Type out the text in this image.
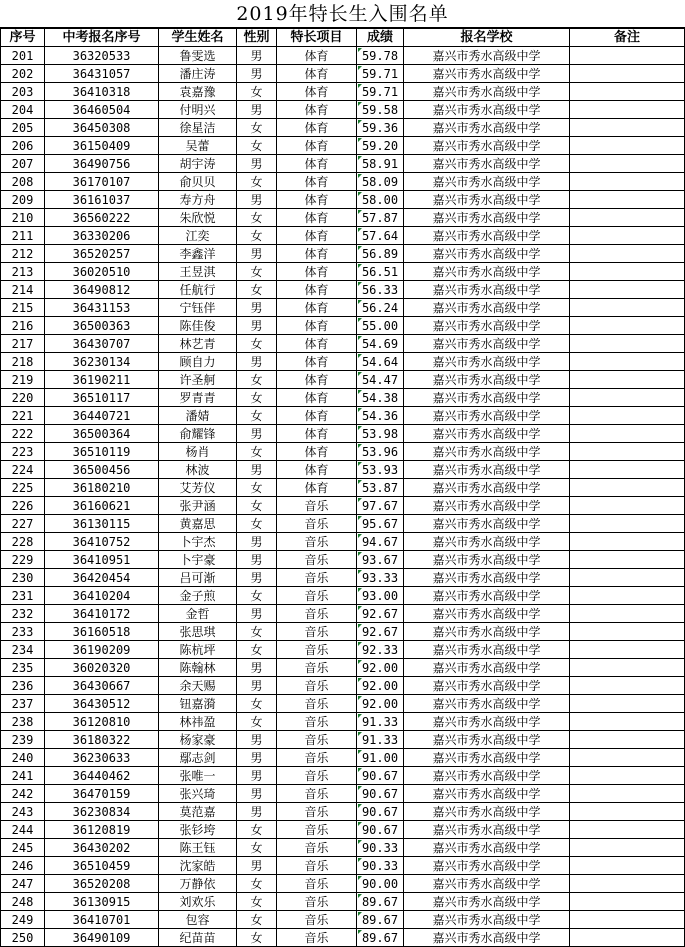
2019年特长生入围名单
序号	中考报名序号	学生姓名	性别	特长项目	成绩	报名学校	备注
201	36320533	鲁雯选	男	体育	59.78	嘉兴市秀水高级中学	
202	36431057	潘庄涛	男	体育	59.71	嘉兴市秀水高级中学	
203	36410318	袁嘉豫	女	体育	59.71	嘉兴市秀水高级中学	
204	36460504	付明兴	男	体育	59.58	嘉兴市秀水高级中学	
205	36450308	徐星洁	女	体育	59.36	嘉兴市秀水高级中学	
206	36150409	吴蕾	女	体育	59.20	嘉兴市秀水高级中学	
207	36490756	胡宇涛	男	体育	58.91	嘉兴市秀水高级中学	
208	36170107	俞贝贝	女	体育	58.09	嘉兴市秀水高级中学	
209	36161037	寿方舟	男	体育	58.00	嘉兴市秀水高级中学	
210	36560222	朱欣悦	女	体育	57.87	嘉兴市秀水高级中学	
211	36330206	江奕	女	体育	57.64	嘉兴市秀水高级中学	
212	36520257	李鑫洋	男	体育	56.89	嘉兴市秀水高级中学	
213	36020510	王昱淇	女	体育	56.51	嘉兴市秀水高级中学	
214	36490812	任航行	女	体育	56.33	嘉兴市秀水高级中学	
215	36431153	宁钰伴	男	体育	56.24	嘉兴市秀水高级中学	
216	36500363	陈佳俊	男	体育	55.00	嘉兴市秀水高级中学	
217	36430707	林艺青	女	体育	54.69	嘉兴市秀水高级中学	
218	36230134	顾自力	男	体育	54.64	嘉兴市秀水高级中学	
219	36190211	许圣舸	女	体育	54.47	嘉兴市秀水高级中学	
220	36510117	罗青青	女	体育	54.38	嘉兴市秀水高级中学	
221	36440721	潘婧	女	体育	54.36	嘉兴市秀水高级中学	
222	36500364	俞耀锋	男	体育	53.98	嘉兴市秀水高级中学	
223	36510119	杨肖	女	体育	53.96	嘉兴市秀水高级中学	
224	36500456	林波	男	体育	53.93	嘉兴市秀水高级中学	
225	36180210	艾芳仪	女	体育	53.87	嘉兴市秀水高级中学	
226	36160621	张尹涵	女	音乐	97.67	嘉兴市秀水高级中学	
227	36130115	黄嘉思	女	音乐	95.67	嘉兴市秀水高级中学	
228	36410752	卜宇杰	男	音乐	94.67	嘉兴市秀水高级中学	
229	36410951	卜宇豪	男	音乐	93.67	嘉兴市秀水高级中学	
230	36420454	吕可渐	男	音乐	93.33	嘉兴市秀水高级中学	
231	36410204	金子煎	女	音乐	93.00	嘉兴市秀水高级中学	
232	36410172	金哲	男	音乐	92.67	嘉兴市秀水高级中学	
233	36160518	张思琪	女	音乐	92.67	嘉兴市秀水高级中学	
234	36190209	陈杭坪	女	音乐	92.33	嘉兴市秀水高级中学	
235	36020320	陈翰林	男	音乐	92.00	嘉兴市秀水高级中学	
236	36430667	余天赐	男	音乐	92.00	嘉兴市秀水高级中学	
237	36430512	钮嘉漪	女	音乐	92.00	嘉兴市秀水高级中学	
238	36120810	林祎盈	女	音乐	91.33	嘉兴市秀水高级中学	
239	36180322	杨家豪	男	音乐	91.33	嘉兴市秀水高级中学	
240	36230633	鄢志剑	男	音乐	91.00	嘉兴市秀水高级中学	
241	36440462	张唯一	男	音乐	90.67	嘉兴市秀水高级中学	
242	36470159	张兴琦	男	音乐	90.67	嘉兴市秀水高级中学	
243	36230834	莫范嘉	男	音乐	90.67	嘉兴市秀水高级中学	
244	36120819	张钐垮	女	音乐	90.67	嘉兴市秀水高级中学	
245	36430202	陈王钰	女	音乐	90.33	嘉兴市秀水高级中学	
246	36510459	沈家皓	男	音乐	90.33	嘉兴市秀水高级中学	
247	36520208	万静依	女	音乐	90.00	嘉兴市秀水高级中学	
248	36130915	刘欢乐	女	音乐	89.67	嘉兴市秀水高级中学	
249	36410701	包容	女	音乐	89.67	嘉兴市秀水高级中学	
250	36490109	纪苗苗	女	音乐	89.67	嘉兴市秀水高级中学	
